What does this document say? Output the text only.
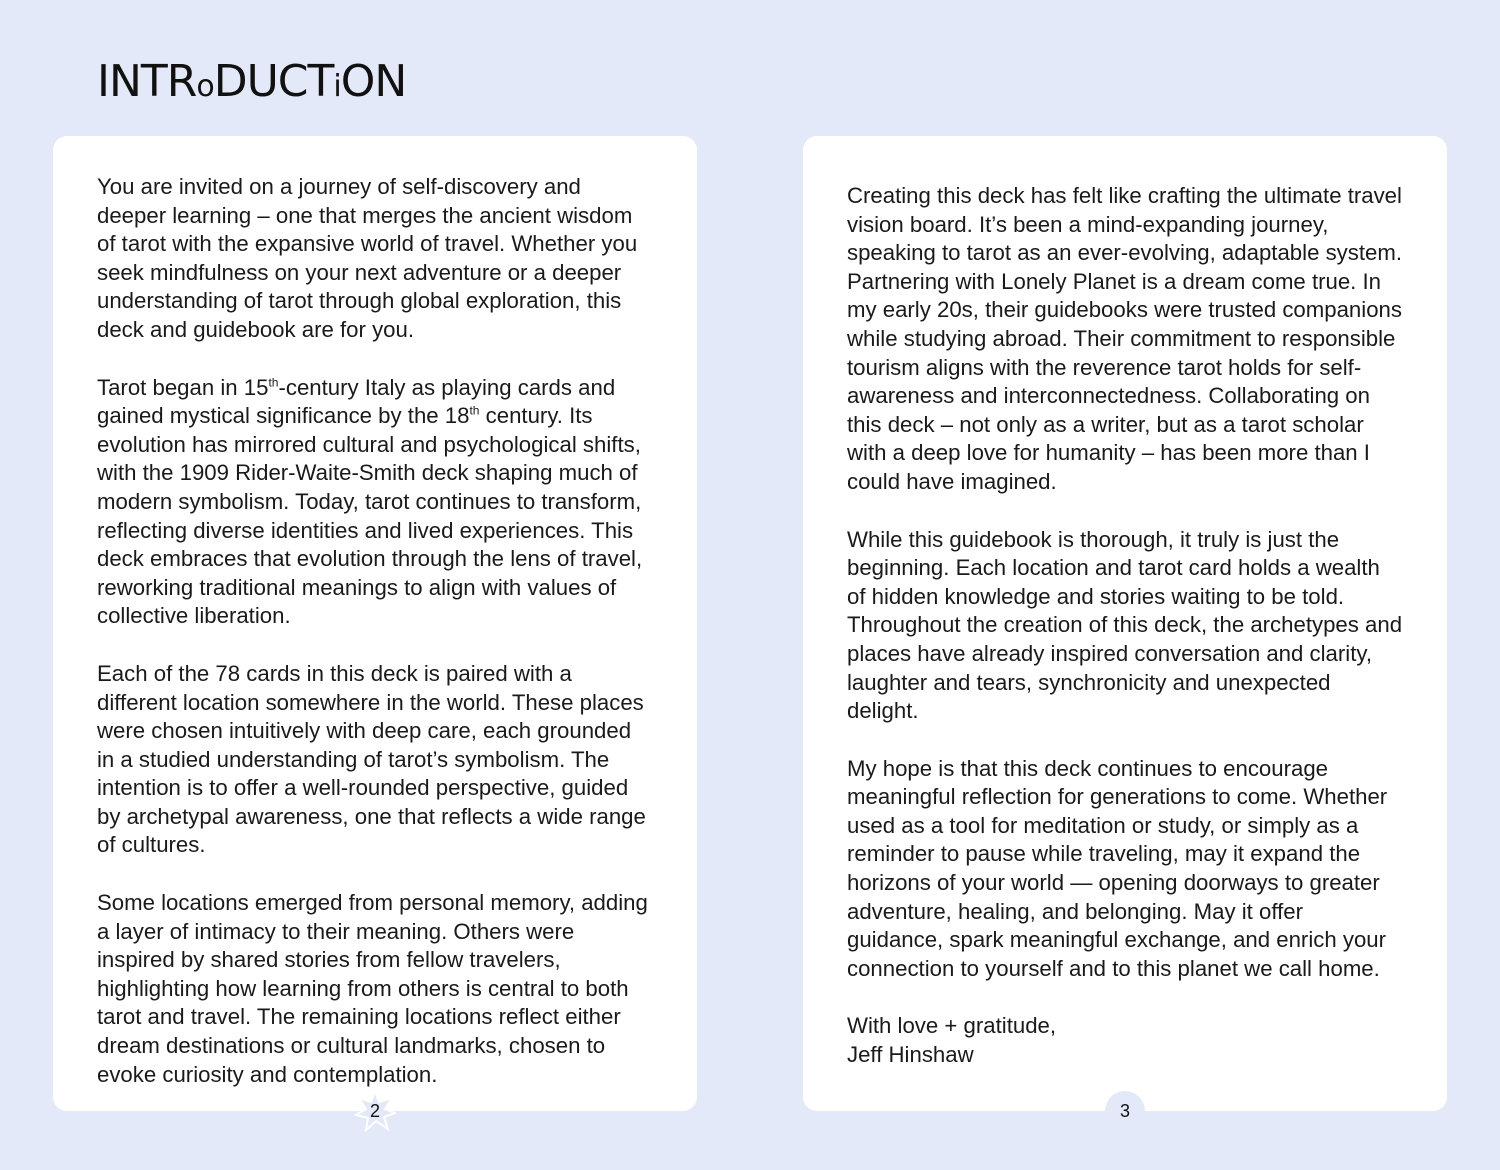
INTRoDUCTiON

You are invited on a journey of self-discovery and deeper learning – one that merges the ancient wisdom of tarot with the expansive world of travel. Whether you seek mindfulness on your next adventure or a deeper understanding of tarot through global exploration, this deck and guidebook are for you.

Tarot began in 15th-century Italy as playing cards and gained mystical significance by the 18th century. Its evolution has mirrored cultural and psychological shifts, with the 1909 Rider-Waite-Smith deck shaping much of modern symbolism. Today, tarot continues to transform, reflecting diverse identities and lived experiences. This deck embraces that evolution through the lens of travel, reworking traditional meanings to align with values of collective liberation.

Each of the 78 cards in this deck is paired with a different location somewhere in the world. These places were chosen intuitively with deep care, each grounded in a studied understanding of tarot’s symbolism. The intention is to offer a well-rounded perspective, guided by archetypal awareness, one that reflects a wide range of cultures.

Some locations emerged from personal memory, adding a layer of intimacy to their meaning. Others were inspired by shared stories from fellow travelers, highlighting how learning from others is central to both tarot and travel. The remaining locations reflect either dream destinations or cultural landmarks, chosen to evoke curiosity and contemplation.

2

Creating this deck has felt like crafting the ultimate travel vision board. It’s been a mind-expanding journey, speaking to tarot as an ever-evolving, adaptable system. Partnering with Lonely Planet is a dream come true. In my early 20s, their guidebooks were trusted companions while studying abroad. Their commitment to responsible tourism aligns with the reverence tarot holds for self-awareness and interconnectedness. Collaborating on this deck – not only as a writer, but as a tarot scholar with a deep love for humanity – has been more than I could have imagined.

While this guidebook is thorough, it truly is just the beginning. Each location and tarot card holds a wealth of hidden knowledge and stories waiting to be told. Throughout the creation of this deck, the archetypes and places have already inspired conversation and clarity, laughter and tears, synchronicity and unexpected delight.

My hope is that this deck continues to encourage meaningful reflection for generations to come. Whether used as a tool for meditation or study, or simply as a reminder to pause while traveling, may it expand the horizons of your world — opening doorways to greater adventure, healing, and belonging. May it offer guidance, spark meaningful exchange, and enrich your connection to yourself and to this planet we call home.

With love + gratitude,
Jeff Hinshaw

3
